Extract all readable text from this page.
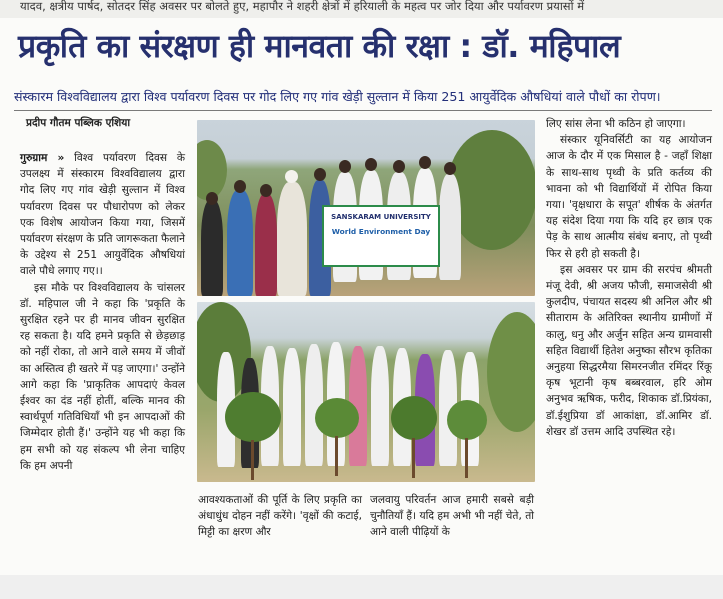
यादव, क्षत्रीय पार्षद, सोतदर सिंह अवसर पर बोलते हुए, महापौर ने शहरी क्षेत्रों में हरियाली के महत्व पर जोर दिया और पर्यावरण प्रयासों में
प्रकृति का संरक्षण ही मानवता की रक्षा : डॉ. महिपाल
संस्कारम विश्वविद्यालय द्वारा विश्व पर्यावरण दिवस पर गोद लिए गए गांव खेड़ी सुल्तान में किया 251 आयुर्वेदिक औषधियां वाले पौधों का रोपण।
प्रदीप गौतम पब्लिक एशिया

गुरुग्राम » विश्व पर्यावरण दिवस के उपलक्ष्य में संस्कारम विश्वविद्यालय द्वारा गोद लिए गए गांव खेड़ी सुल्तान में विश्व पर्यावरण दिवस पर पौधारोपण को लेकर एक विशेष आयोजन किया गया, जिसमें पर्यावरण संरक्षण के प्रति जागरूकता फैलाने के उद्देश्य से 251 आयुर्वेदिक औषधियां वाले पौधे लगाए गए।।

इस मौके पर विश्वविद्यालय के चांसलर डॉ. महिपाल जी ने कहा कि 'प्रकृति के सुरक्षित रहने पर ही मानव जीवन सुरक्षित रह सकता है। यदि हमने प्रकृति से छेड़छाड़ को नहीं रोका, तो आने वाले समय में जीवों का अस्तित्व ही खतरे में पड़ जाएगा।' उन्होंने आगे कहा कि 'प्राकृतिक आपदाएं केवल ईश्वर का दंड नहीं होतीं, बल्कि मानव की स्वार्थपूर्ण गतिविधियाँ भी इन आपदाओं की जिम्मेदार होती हैं।' उन्होंने यह भी कहा कि हम सभी को यह संकल्प भी लेना चाहिए कि हम अपनी

SANSKARAM UNIVERSITY
World Environment Day
आवश्यकताओं की पूर्ति के लिए प्रकृति का अंधाधुंध दोहन नहीं करेंगे। 'वृक्षों की कटाई, मिट्टी का क्षरण और
जलवायु परिवर्तन आज हमारी सबसे बड़ी चुनौतियाँ हैं। यदि हम अभी भी नहीं चेते, तो आने वाली पीढ़ियों के

लिए सांस लेना भी कठिन हो जाएगा।

संस्कार यूनिवर्सिटी का यह आयोजन आज के दौर में एक मिसाल है - जहाँ शिक्षा के साथ-साथ पृथ्वी के प्रति कर्तव्य की भावना को भी विद्यार्थियों में रोपित किया गया। 'वृक्षधारा के सपूत' शीर्षक के अंतर्गत यह संदेश दिया गया कि यदि हर छात्र एक पेड़ के साथ आत्मीय संबंध बनाए, तो पृथ्वी फिर से हरी हो सकती है।

इस अवसर पर ग्राम की सरपंच श्रीमती मंजू देवी, श्री अजय फौजी, समाजसेवी श्री कुलदीप, पंचायत सदस्य श्री अनिल और श्री सीताराम के अतिरिक्त स्थानीय ग्रामीणों में कालु, धनु और अर्जुन सहित अन्य ग्रामवासी सहित विद्यार्थी हितेश अनुष्का सौरभ कृतिका अनुहया सिद्धरमैया सिमरनजीत रमिंदर रिंकू कृष भूटानी कृष बब्बरवाल, हरि ओम अनुभव ऋषिक, फरीद, शिकाक डॉ.प्रियंका, डॉ.ईशुप्रिया डॉ आकांक्षा, डॉ.आमिर डॉ. शेखर डॉ उत्तम आदि उपस्थित रहे।
